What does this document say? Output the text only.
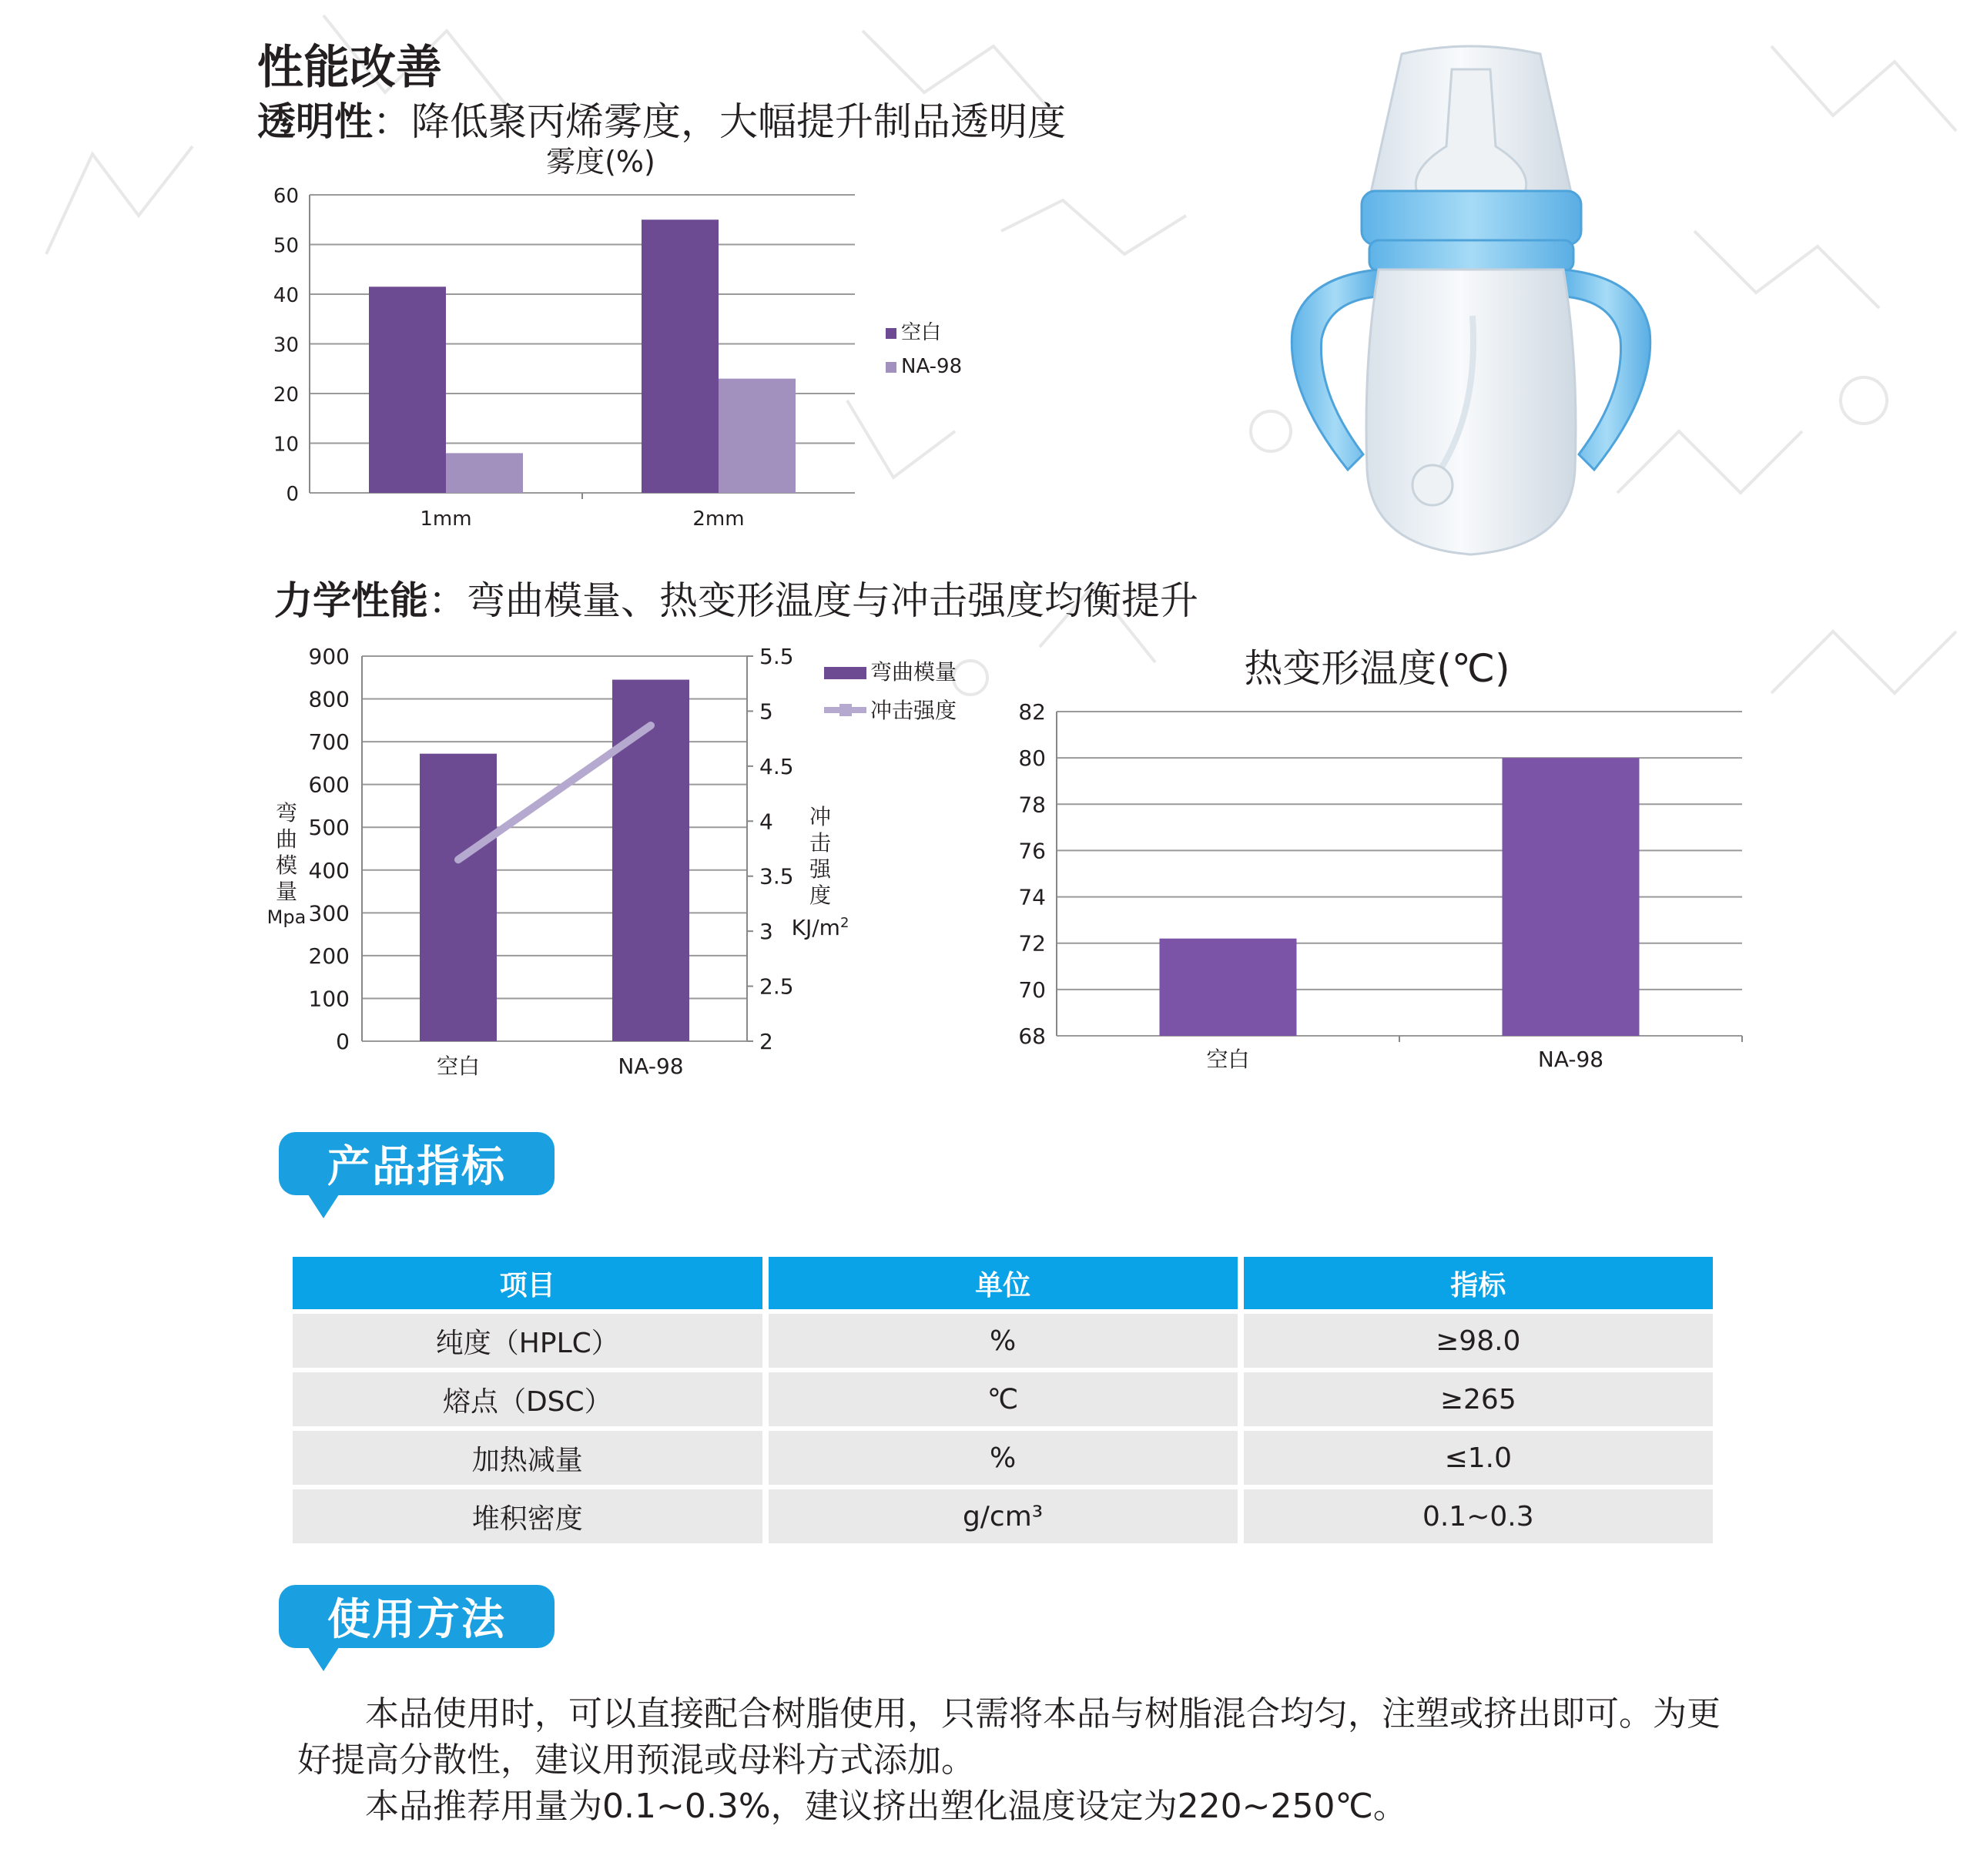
性能改善
透明性：降低聚丙烯雾度，大幅提升制品透明度
雾度(%)
0
10
20
30
40
50
60
1mm	2mm
空白
NA-98
力学性能：弯曲模量、热变形温度与冲击强度均衡提升
0
100
200
300
400
500
600
700
800
900
2
2.5
3
3.5
4
4.5
5
5.5
空白	NA-98
弯曲模量
冲击强度
弯
曲
模
量
Mpa
冲
击
强
度
$KJ/m^2$
热变形温度(℃)
68
70
72
74
76
78
80
82
空白	NA-98
产品指标
项目	单位	指标
纯度（HPLC）	%	≥98.0
熔点（DSC）	℃	≥265
加热减量	%	≤1.0
堆积密度	g/cm³	0.1~0.3
使用方法
本品使用时，可以直接配合树脂使用，只需将本品与树脂混合均匀，注塑或挤出即可。为更好提高分散性，建议用预混或母料方式添加。
本品推荐用量为0.1~0.3%，建议挤出塑化温度设定为220~250℃。
